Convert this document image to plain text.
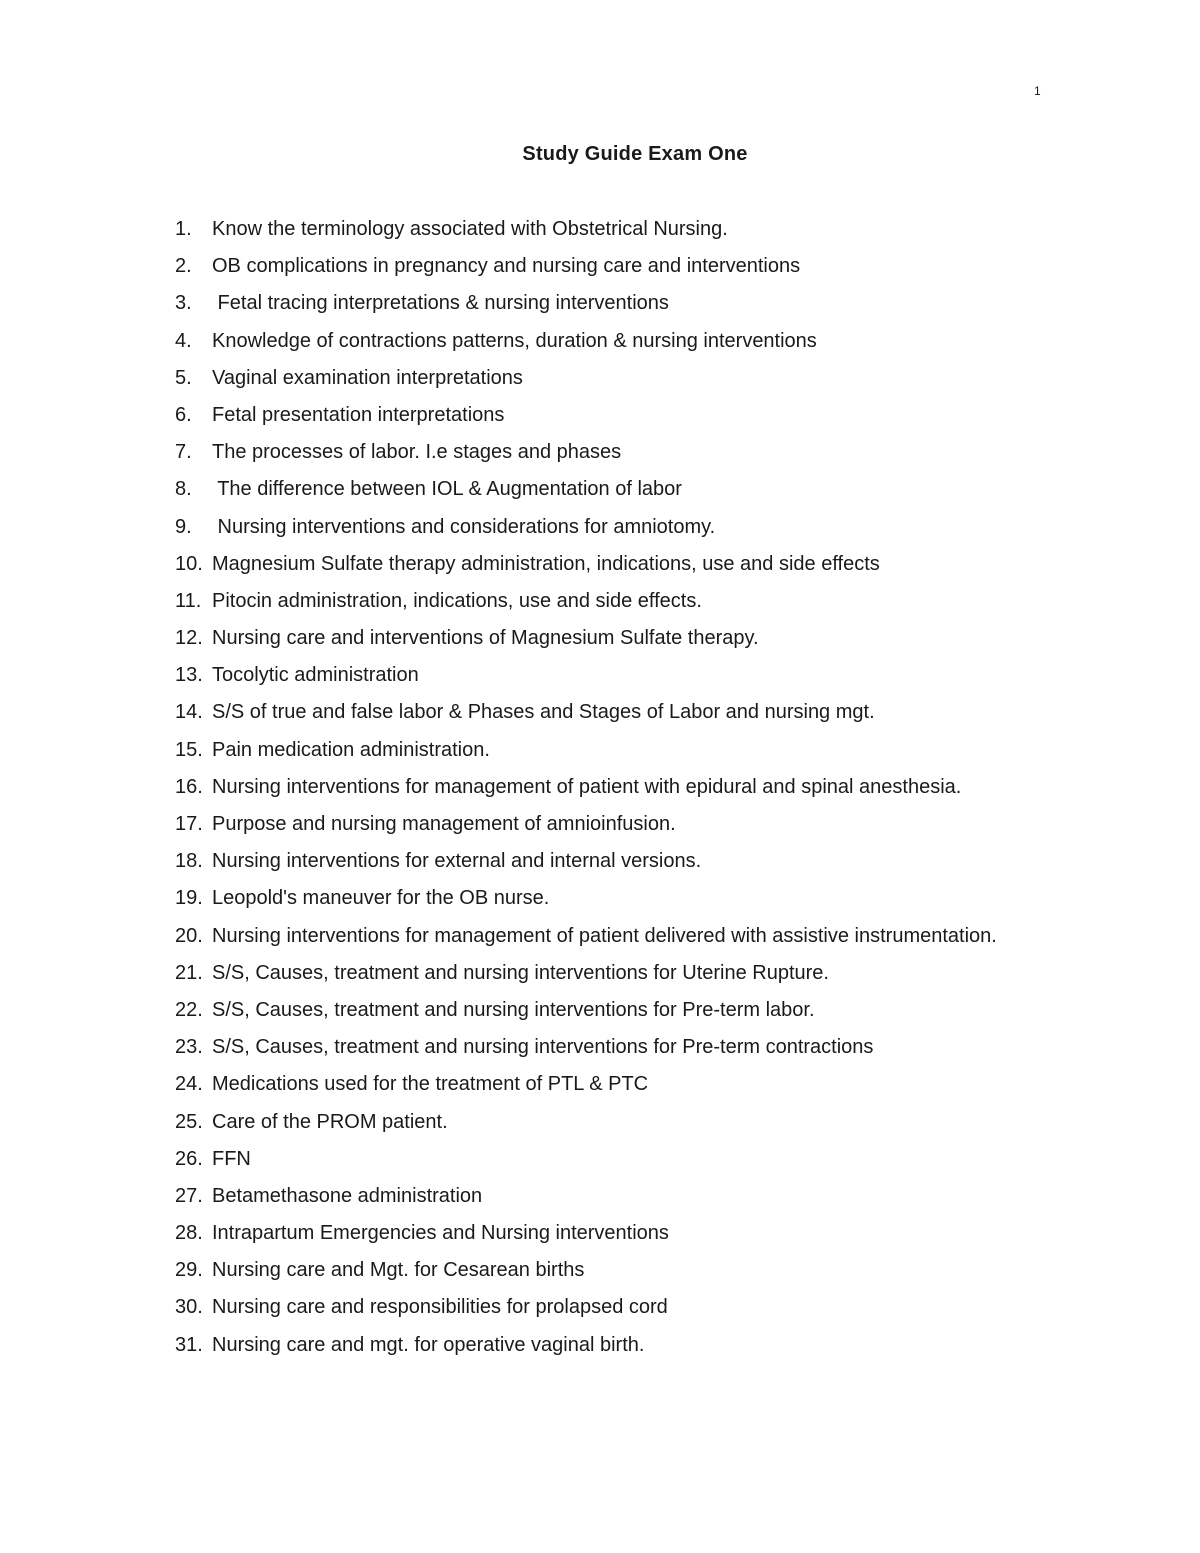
1
Study Guide Exam One
1.	Know the terminology associated with Obstetrical Nursing.
2.	OB complications in pregnancy and nursing care and interventions
3.	Fetal tracing interpretations & nursing interventions
4.	Knowledge of contractions patterns, duration & nursing interventions
5.	Vaginal examination interpretations
6.	Fetal presentation interpretations
7.	The processes of labor. I.e stages and phases
8.	The difference between IOL & Augmentation of labor
9.	Nursing interventions and considerations for amniotomy.
10. Magnesium Sulfate therapy administration, indications, use and side effects
11. Pitocin administration, indications, use and side effects.
12. Nursing care and interventions of Magnesium Sulfate therapy.
13. Tocolytic administration
14. S/S of true and false labor & Phases and Stages of Labor and nursing mgt.
15. Pain medication administration.
16. Nursing interventions for management of patient with epidural and spinal anesthesia.
17. Purpose and nursing management of amnioinfusion.
18. Nursing interventions for external and internal versions.
19. Leopold's maneuver for the OB nurse.
20. Nursing interventions for management of patient delivered with assistive instrumentation.
21. S/S, Causes, treatment and nursing interventions for Uterine Rupture.
22. S/S, Causes, treatment and nursing interventions for Pre-term labor.
23. S/S, Causes, treatment and nursing interventions for Pre-term contractions
24. Medications used for the treatment of PTL & PTC
25. Care of the PROM patient.
26. FFN
27. Betamethasone administration
28. Intrapartum Emergencies and Nursing interventions
29. Nursing care and Mgt. for Cesarean births
30. Nursing care and responsibilities for prolapsed cord
31. Nursing care and mgt. for operative vaginal birth.
